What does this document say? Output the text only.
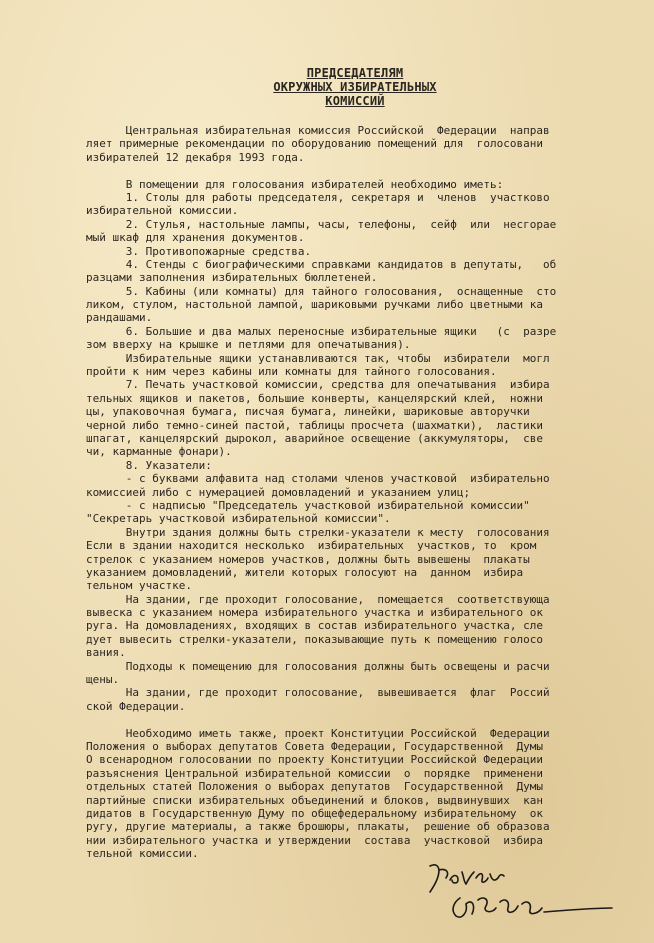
ПРЕДСЕДАТЕЛЯМ
ОКРУЖНЫХ ИЗБИРАТЕЛЬНЫХ
КОМИССИЙ
Центральная избирательная комиссия Российской  Федерации  направ
ляет примерные рекомендации по оборудованию помещений для  голосовани
избирателей 12 декабря 1993 года.
В помещении для голосования избирателей необходимо иметь:
1. Столы для работы председателя, секретаря и  членов  участково
избирательной комиссии.
2. Стулья, настольные лампы, часы, телефоны,  сейф  или  несгорае
мый шкаф для хранения документов.
3. Противопожарные средства.
4. Стенды с биографическими справками кандидатов в депутаты,   об
разцами заполнения избирательных бюллетеней.
5. Кабины (или комнаты) для тайного голосования,  оснащенные  сто
ликом, стулом, настольной лампой, шариковыми ручками либо цветными ка
рандашами.
6. Большие и два малых переносные избирательные ящики   (с  разре
зом вверху на крышке и петлями для опечатывания).
Избирательные ящики устанавливаются так, чтобы  избиратели  могл
пройти к ним через кабины или комнаты для тайного голосования.
7. Печать участковой комиссии, средства для опечатывания  избира
тельных ящиков и пакетов, большие конверты, канцелярский клей,  ножни
цы, упаковочная бумага, писчая бумага, линейки, шариковые авторучки
черной либо темно-синей пастой, таблицы просчета (шахматки),  ластики
шпагат, канцелярский дырокол, аварийное освещение (аккумуляторы,  све
чи, карманные фонари).
8. Указатели:
- с буквами алфавита над столами членов участковой  избирательно
комиссией либо с нумерацией домовладений и указанием улиц;
- с надписью "Председатель участковой избирательной комиссии"
"Секретарь участковой избирательной комиссии".
Внутри здания должны быть стрелки-указатели к месту  голосования
Если в здании находится несколько  избирательных  участков, то  кром
стрелок с указанием номеров участков, должны быть вывешены  плакаты
указанием домовладений, жители которых голосуют на  данном  избира
тельном участке.
На здании, где проходит голосование,  помещается  соответствующа
вывеска с указанием номера избирательного участка и избирательного ок
руга. На домовладениях, входящих в состав избирательного участка, сле
дует вывесить стрелки-указатели, показывающие путь к помещению голосо
вания.
Подходы к помещению для голосования должны быть освещены и расчи
щены.
На здании, где проходит голосование,  вывешивается  флаг  Россий
ской Федерации.
Необходимо иметь также, проект Конституции Российской  Федерации
Положения о выборах депутатов Совета Федерации, Государственной  Думы
О всенародном голосовании по проекту Конституции Российской Федерации
разъяснения Центральной избирательной комиссии  о  порядке  применени
отдельных статей Положения о выборах депутатов  Государственной  Думы
партийные списки избирательных объединений и блоков, выдвинувших  кан
дидатов в Государственную Думу по общефедеральному избирательному  ок
ругу, другие материалы, а также брошюры, плакаты,  решение об образова
нии избирательного участка и утверждении  состава  участковой  избира
тельной комиссии.
